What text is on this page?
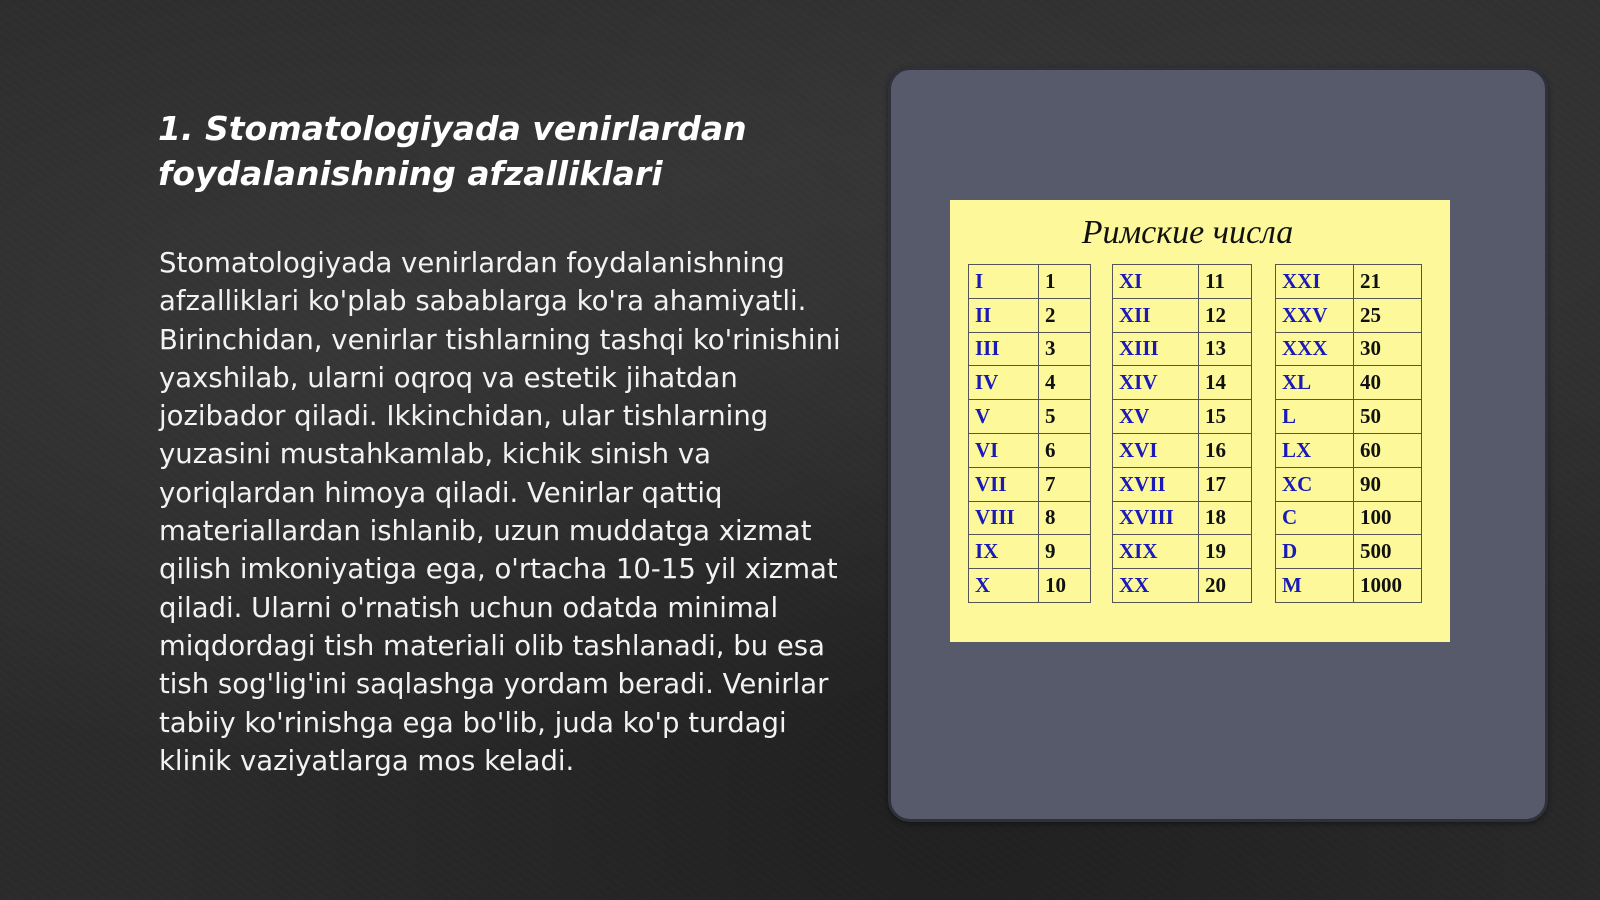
1. Stomatologiyada venirlardan foydalanishning afzalliklari

Stomatologiyada venirlardan foydalanishning afzalliklari ko'plab sabablarga ko'ra ahamiyatli. Birinchidan, venirlar tishlarning tashqi ko'rinishini yaxshilab, ularni oqroq va estetik jihatdan jozibador qiladi. Ikkinchidan, ular tishlarning yuzasini mustahkamlab, kichik sinish va yoriqlardan himoya qiladi. Venirlar qattiq materiallardan ishlanib, uzun muddatga xizmat qilish imkoniyatiga ega, o'rtacha 10-15 yil xizmat qiladi. Ularni o'rnatish uchun odatda minimal miqdordagi tish materiali olib tashlanadi, bu esa tish sog'lig'ini saqlashga yordam beradi. Venirlar tabiiy ko'rinishga ega bo'lib, juda ko'p turdagi klinik vaziyatlarga mos keladi.

Римские числа
I	1
II	2
III	3
IV	4
V	5
VI	6
VII	7
VIII	8
IX	9
X	10
XI	11
XII	12
XIII	13
XIV	14
XV	15
XVI	16
XVII	17
XVIII	18
XIX	19
XX	20
XXI	21
XXV	25
XXX	30
XL	40
L	50
LX	60
XC	90
C	100
D	500
M	1000
